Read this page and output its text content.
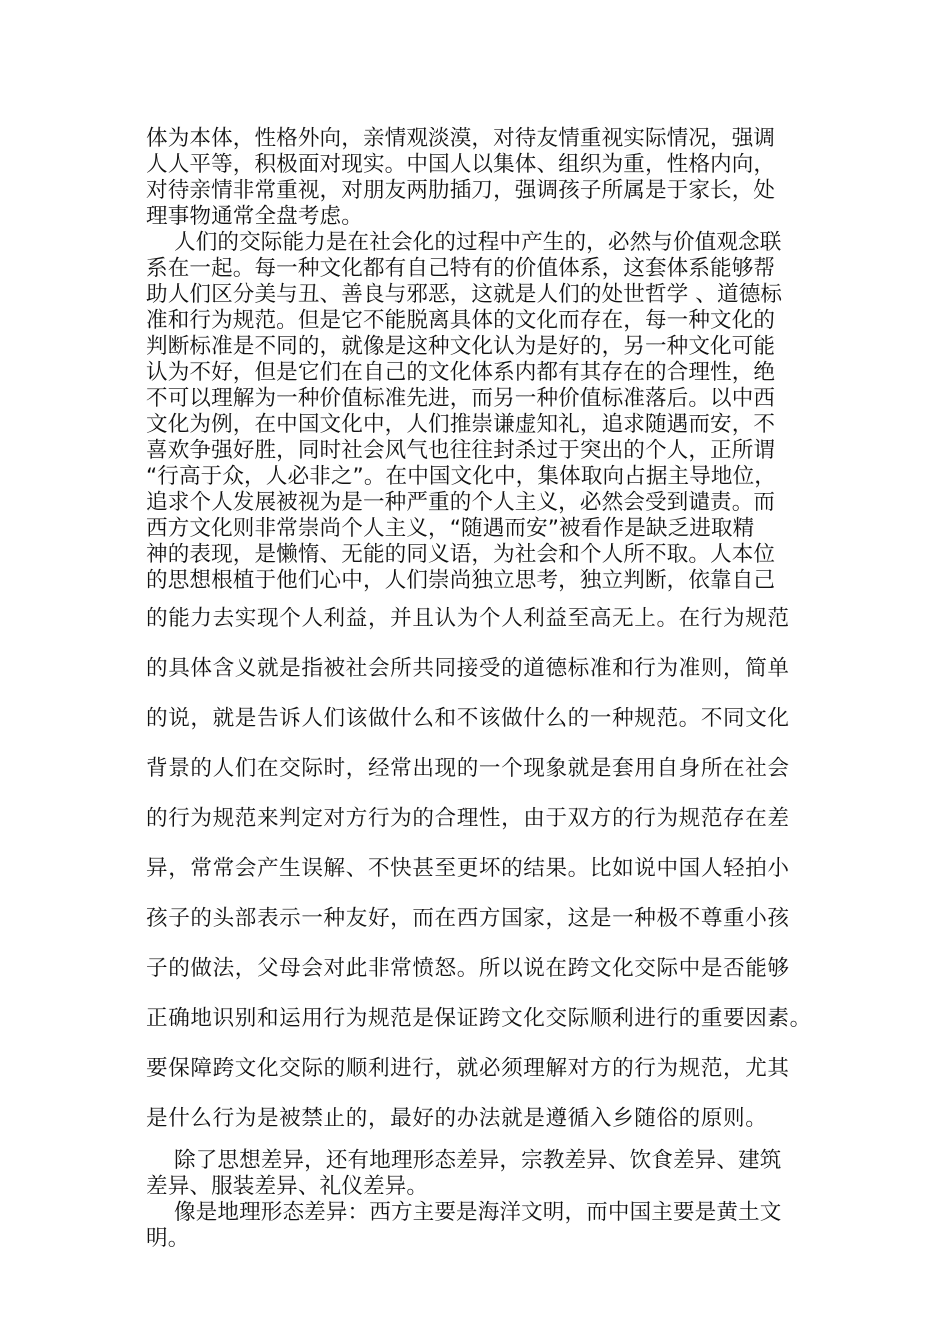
体为本体，性格外向，亲情观淡漠，对待友情重视实际情况，强调
人人平等，积极面对现实。中国人以集体、组织为重，性格内向，
对待亲情非常重视，对朋友两肋插刀，强调孩子所属是于家长，处
理事物通常全盘考虑。
人们的交际能力是在社会化的过程中产生的，必然与价值观念联
系在一起。每一种文化都有自己特有的价值体系，这套体系能够帮
助人们区分美与丑、善良与邪恶，这就是人们的处世哲学 、道德标
准和行为规范。但是它不能脱离具体的文化而存在，每一种文化的
判断标准是不同的，就像是这种文化认为是好的，另一种文化可能
认为不好，但是它们在自己的文化体系内都有其存在的合理性，绝
不可以理解为一种价值标准先进，而另一种价值标准落后。以中西
文化为例，在中国文化中，人们推崇谦虚知礼，追求随遇而安，不
喜欢争强好胜，同时社会风气也往往封杀过于突出的个人，正所谓
“行高于众，人必非之”。在中国文化中，集体取向占据主导地位，
追求个人发展被视为是一种严重的个人主义，必然会受到谴责。而
西方文化则非常崇尚个人主义，“随遇而安”被看作是缺乏进取精
神的表现，是懒惰、无能的同义语，为社会和个人所不取。人本位
的思想根植于他们心中，人们崇尚独立思考，独立判断，依靠自己
的能力去实现个人利益，并且认为个人利益至高无上。在行为规范
的具体含义就是指被社会所共同接受的道德标准和行为准则，简单
的说，就是告诉人们该做什么和不该做什么的一种规范。不同文化
背景的人们在交际时，经常出现的一个现象就是套用自身所在社会
的行为规范来判定对方行为的合理性，由于双方的行为规范存在差
异，常常会产生误解、不快甚至更坏的结果。比如说中国人轻拍小
孩子的头部表示一种友好，而在西方国家，这是一种极不尊重小孩
子的做法，父母会对此非常愤怒。所以说在跨文化交际中是否能够
正确地识别和运用行为规范是保证跨文化交际顺利进行的重要因素。
要保障跨文化交际的顺利进行，就必须理解对方的行为规范，尤其
是什么行为是被禁止的，最好的办法就是遵循入乡随俗的原则。
除了思想差异，还有地理形态差异，宗教差异、饮食差异、建筑
差异、服装差异、礼仪差异。
像是地理形态差异：西方主要是海洋文明，而中国主要是黄土文
明。
